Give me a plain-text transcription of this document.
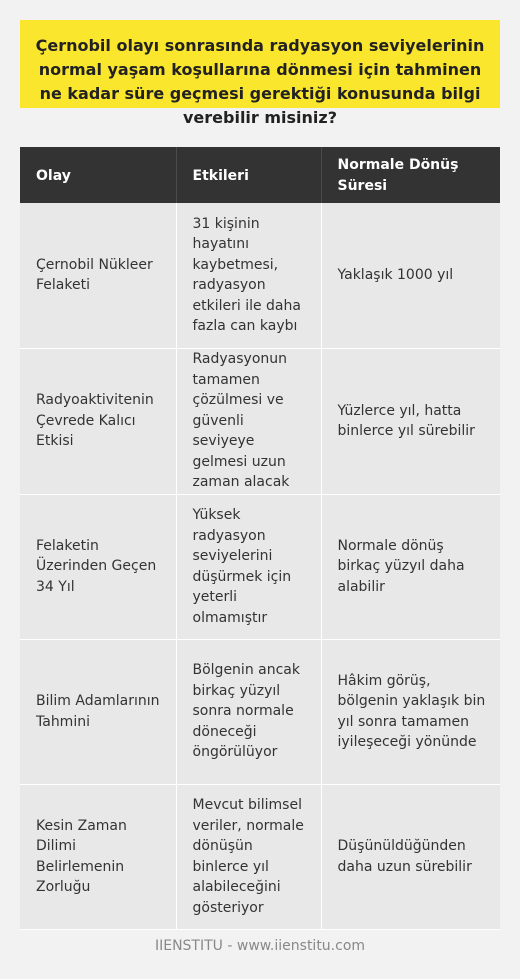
Çernobil olayı sonrasında radyasyon seviyelerinin normal yaşam koşullarına dönmesi için tahminen ne kadar süre geçmesi gerektiği konusunda bilgi verebilir misiniz?
Olay	Etkileri	Normale Dönüş Süresi
Çernobil Nükleer Felaketi	31 kişinin hayatını kaybetmesi, radyasyon etkileri ile daha fazla can kaybı	Yaklaşık 1000 yıl
Radyoaktivitenin Çevrede Kalıcı Etkisi	Radyasyonun tamamen çözülmesi ve güvenli seviyeye gelmesi uzun zaman alacak	Yüzlerce yıl, hatta binlerce yıl sürebilir
Felaketin Üzerinden Geçen 34 Yıl	Yüksek radyasyon seviyelerini düşürmek için yeterli olmamıştır	Normale dönüş birkaç yüzyıl daha alabilir
Bilim Adamlarının Tahmini	Bölgenin ancak birkaç yüzyıl sonra normale döneceği öngörülüyor	Hâkim görüş, bölgenin yaklaşık bin yıl sonra tamamen iyileşeceği yönünde
Kesin Zaman Dilimi Belirlemenin Zorluğu	Mevcut bilimsel veriler, normale dönüşün binlerce yıl alabileceğini gösteriyor	Düşünüldüğünden daha uzun sürebilir
IIENSTITU - www.iienstitu.com
